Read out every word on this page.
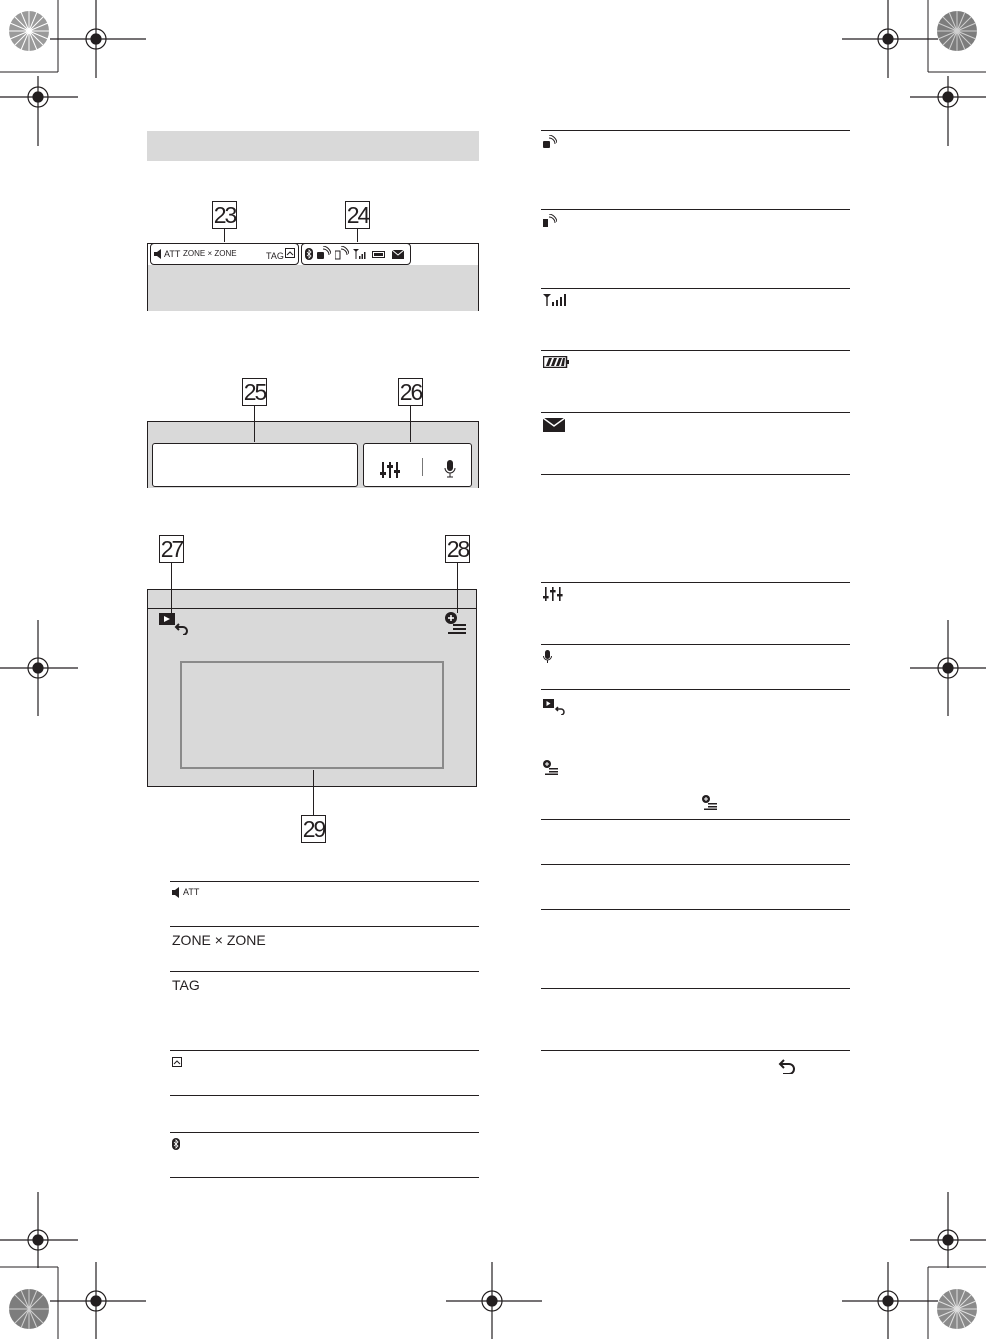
23	24
ATT ZONE × ZONE	TAG
25	26
27	28
29
ATT
ZONE × ZONE
TAG
